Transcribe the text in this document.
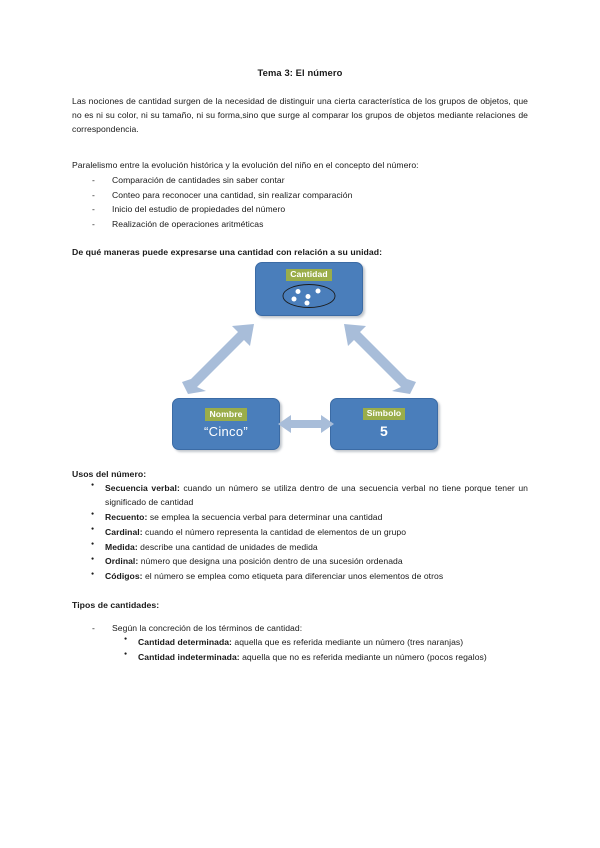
Tema 3: El número

Las nociones de cantidad surgen de la necesidad de distinguir una cierta característica de los grupos de objetos, que no es ni su color, ni su tamaño, ni su forma,sino que surge al comparar los grupos de objetos mediante relaciones de correspondencia.

Paralelismo entre la evolución histórica y la evolución del niño en el concepto del número:

- Comparación de cantidades sin saber contar
- Conteo para reconocer una cantidad, sin realizar comparación
- Inicio del estudio de propiedades del número
- Realización de operaciones aritméticas

De qué maneras puede expresarse una cantidad con relación a su unidad:

Cantidad
Nombre
“Cinco”
Símbolo
5

Usos del número:

● Secuencia verbal: cuando un número se utiliza dentro de una secuencia verbal no tiene porque tener un significado de cantidad
● Recuento: se emplea la secuencia verbal para determinar una cantidad
● Cardinal: cuando el número representa la cantidad de elementos de un grupo
● Medida: describe una cantidad de unidades de medida
● Ordinal: número que designa una posición dentro de una sucesión ordenada
● Códigos: el número se emplea como etiqueta para diferenciar unos elementos de otros

Tipos de cantidades:

- Según la concreción de los términos de cantidad:
● Cantidad determinada: aquella que es referida mediante un número (tres naranjas)
● Cantidad indeterminada: aquella que no es referida mediante un número (pocos regalos)
